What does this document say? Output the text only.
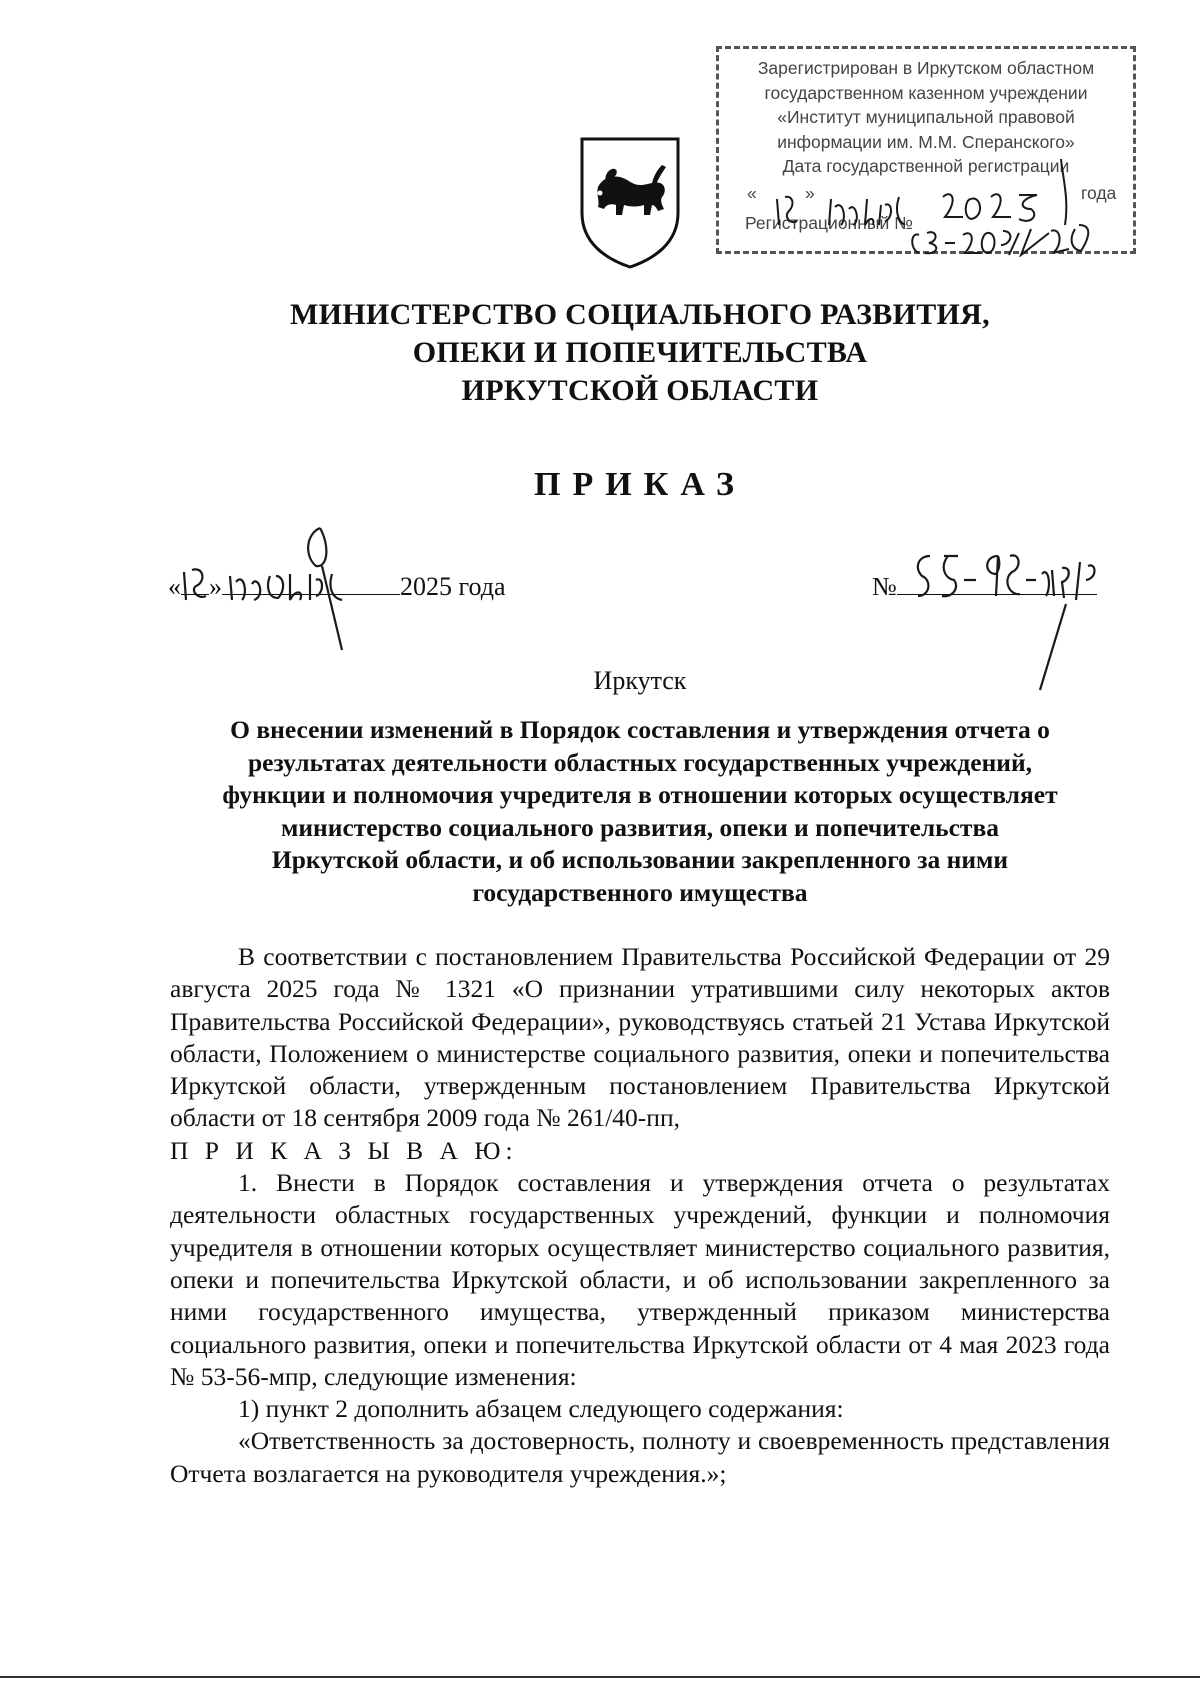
Зарегистрирован в Иркутском областном
государственном казенном учреждении
«Институт муниципальной правовой
информации им. М.М. Сперанского»
Дата государственной регистрации
«	»	года
Регистрационный №
МИНИСТЕРСТВО СОЦИАЛЬНОГО РАЗВИТИЯ,
ОПЕКИ И ПОПЕЧИТЕЛЬСТВА
ИРКУТСКОЙ ОБЛАСТИ
ПРИКАЗ
« »	2025 года	№
Иркутск
О внесении изменений в Порядок составления и утверждения отчета о
результатах деятельности областных государственных учреждений,
функции и полномочия учредителя в отношении которых осуществляет
министерство социального развития, опеки и попечительства
Иркутской области, и об использовании закрепленного за ними
государственного имущества

В соответствии с постановлением Правительства Российской Федерации от 29 августа 2025 года № 1321 «О признании утратившими силу некоторых актов Правительства Российской Федерации», руководствуясь статьей 21 Устава Иркутской области, Положением о министерстве социального развития, опеки и попечительства Иркутской области, утвержденным постановлением Правительства Иркутской области от 18 сентября 2009 года № 261/40-пп,

П Р И К А З Ы В А Ю:

1. Внести в Порядок составления и утверждения отчета о результатах деятельности областных государственных учреждений, функции и полномочия учредителя в отношении которых осуществляет министерство социального развития, опеки и попечительства Иркутской области, и об использовании закрепленного за ними государственного имущества, утвержденный приказом министерства социального развития, опеки и попечительства Иркутской области от 4 мая 2023 года № 53-56-мпр, следующие изменения:

1) пункт 2 дополнить абзацем следующего содержания:

«Ответственность за достоверность, полноту и своевременность представления Отчета возлагается на руководителя учреждения.»;
